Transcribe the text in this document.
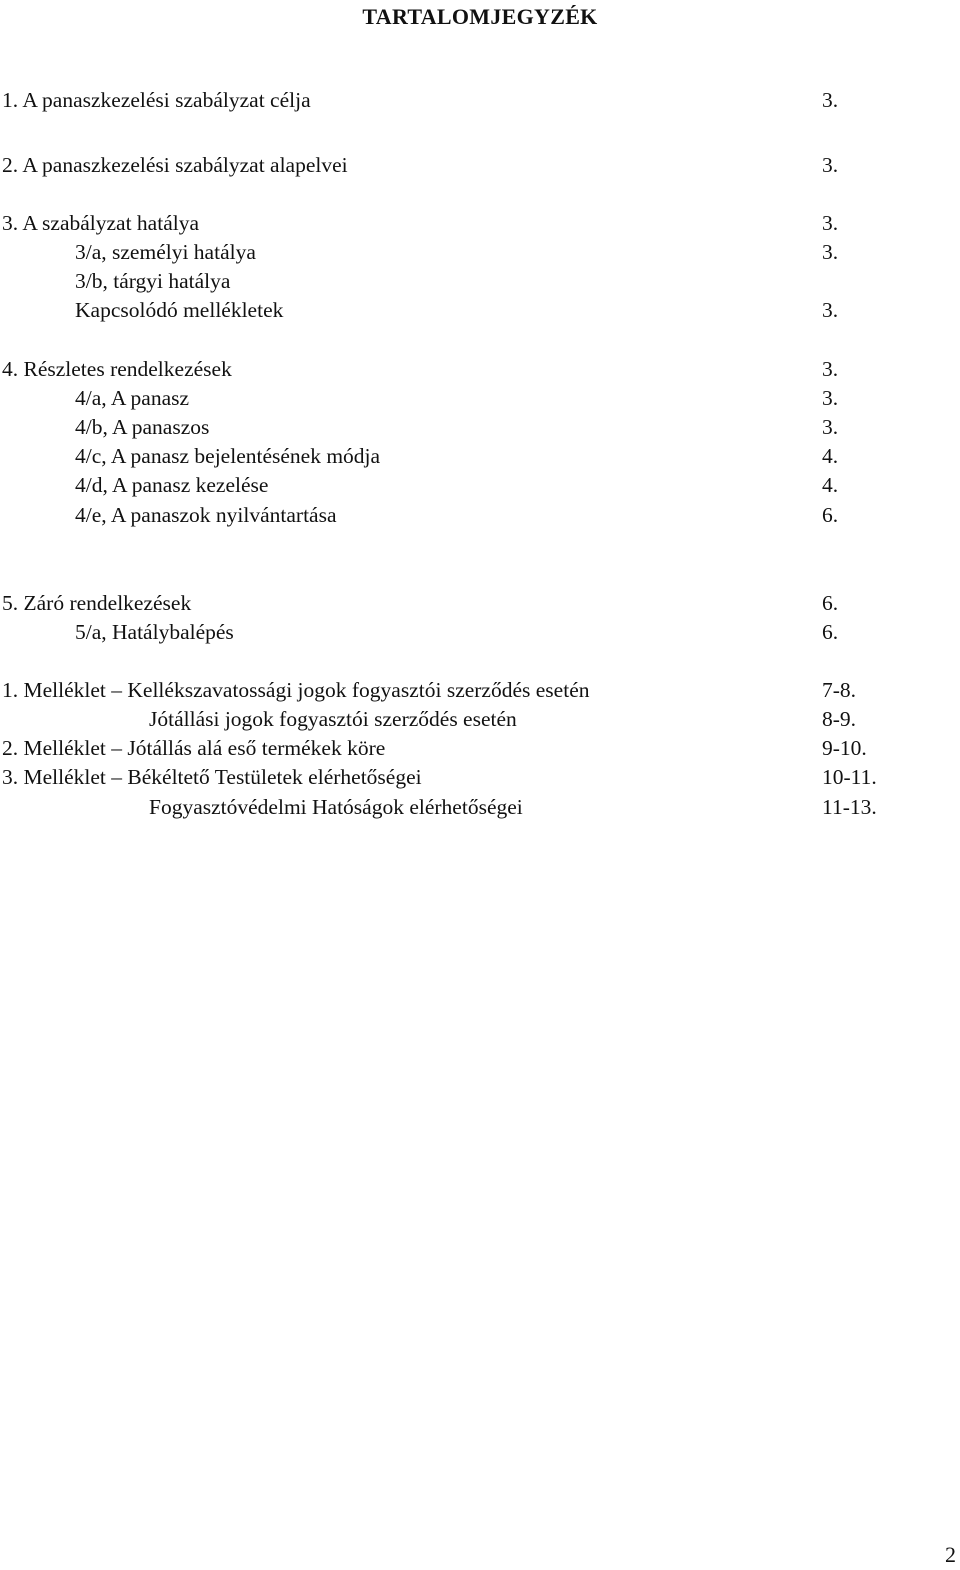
TARTALOMJEGYZÉK
1. A panaszkezelési szabályzat célja	3.
2. A panaszkezelési szabályzat alapelvei	3.
3. A szabályzat hatálya	3.
3/a, személyi hatálya	3.
3/b, tárgyi hatálya
Kapcsolódó mellékletek	3.
4. Részletes rendelkezések	3.
4/a, A panasz	3.
4/b, A panaszos	3.
4/c, A panasz bejelentésének módja	4.
4/d, A panasz kezelése	4.
4/e, A panaszok nyilvántartása	6.
5. Záró rendelkezések	6.
5/a, Hatálybalépés	6.
1. Melléklet – Kellékszavatossági jogok fogyasztói szerződés esetén	7-8.
Jótállási jogok fogyasztói szerződés esetén	8-9.
2. Melléklet – Jótállás alá eső termékek köre	9-10.
3. Melléklet – Békéltető Testületek elérhetőségei	10-11.
Fogyasztóvédelmi Hatóságok elérhetőségei	11-13.
2
